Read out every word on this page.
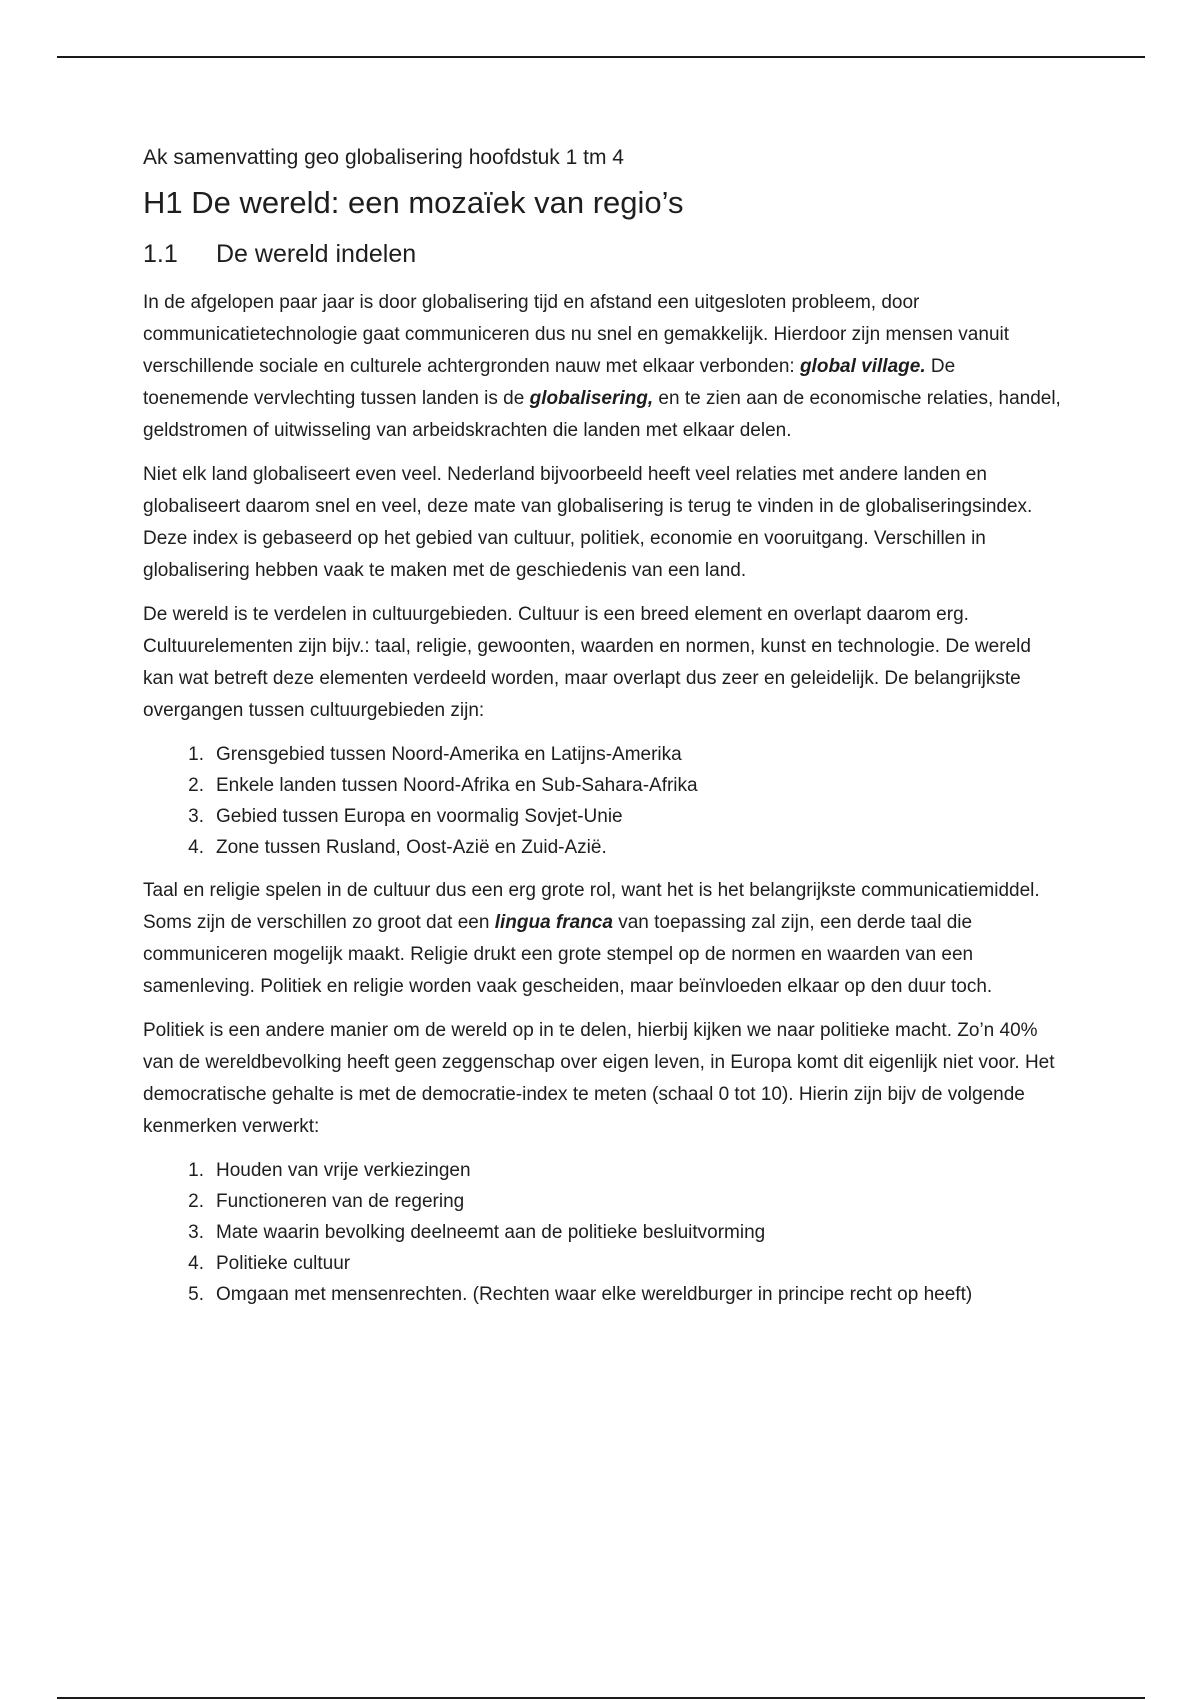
Ak samenvatting geo globalisering hoofdstuk 1 tm 4
H1 De wereld: een mozaïek van regio’s
1.1	De wereld indelen

In de afgelopen paar jaar is door globalisering tijd en afstand een uitgesloten probleem, door communicatietechnologie gaat communiceren dus nu snel en gemakkelijk. Hierdoor zijn mensen vanuit verschillende sociale en culturele achtergronden nauw met elkaar verbonden: global village. De toenemende vervlechting tussen landen is de globalisering, en te zien aan de economische relaties, handel, geldstromen of uitwisseling van arbeidskrachten die landen met elkaar delen.

Niet elk land globaliseert even veel. Nederland bijvoorbeeld heeft veel relaties met andere landen en globaliseert daarom snel en veel, deze mate van globalisering is terug te vinden in de globaliseringsindex. Deze index is gebaseerd op het gebied van cultuur, politiek, economie en vooruitgang. Verschillen in globalisering hebben vaak te maken met de geschiedenis van een land.

De wereld is te verdelen in cultuurgebieden. Cultuur is een breed element en overlapt daarom erg. Cultuurelementen zijn bijv.: taal, religie, gewoonten, waarden en normen, kunst en technologie. De wereld kan wat betreft deze elementen verdeeld worden, maar overlapt dus zeer en geleidelijk. De belangrijkste overgangen tussen cultuurgebieden zijn:

1. Grensgebied tussen Noord-Amerika en Latijns-Amerika
2. Enkele landen tussen Noord-Afrika en Sub-Sahara-Afrika
3. Gebied tussen Europa en voormalig Sovjet-Unie
4. Zone tussen Rusland, Oost-Azië en Zuid-Azië.

Taal en religie spelen in de cultuur dus een erg grote rol, want het is het belangrijkste communicatiemiddel. Soms zijn de verschillen zo groot dat een lingua franca van toepassing zal zijn, een derde taal die communiceren mogelijk maakt. Religie drukt een grote stempel op de normen en waarden van een samenleving. Politiek en religie worden vaak gescheiden, maar beïnvloeden elkaar op den duur toch.

Politiek is een andere manier om de wereld op in te delen, hierbij kijken we naar politieke macht. Zo’n 40% van de wereldbevolking heeft geen zeggenschap over eigen leven, in Europa komt dit eigenlijk niet voor. Het democratische gehalte is met de democratie-index te meten (schaal 0 tot 10). Hierin zijn bijv de volgende kenmerken verwerkt:

1. Houden van vrije verkiezingen
2. Functioneren van de regering
3. Mate waarin bevolking deelneemt aan de politieke besluitvorming
4. Politieke cultuur
5. Omgaan met mensenrechten. (Rechten waar elke wereldburger in principe recht op heeft)
